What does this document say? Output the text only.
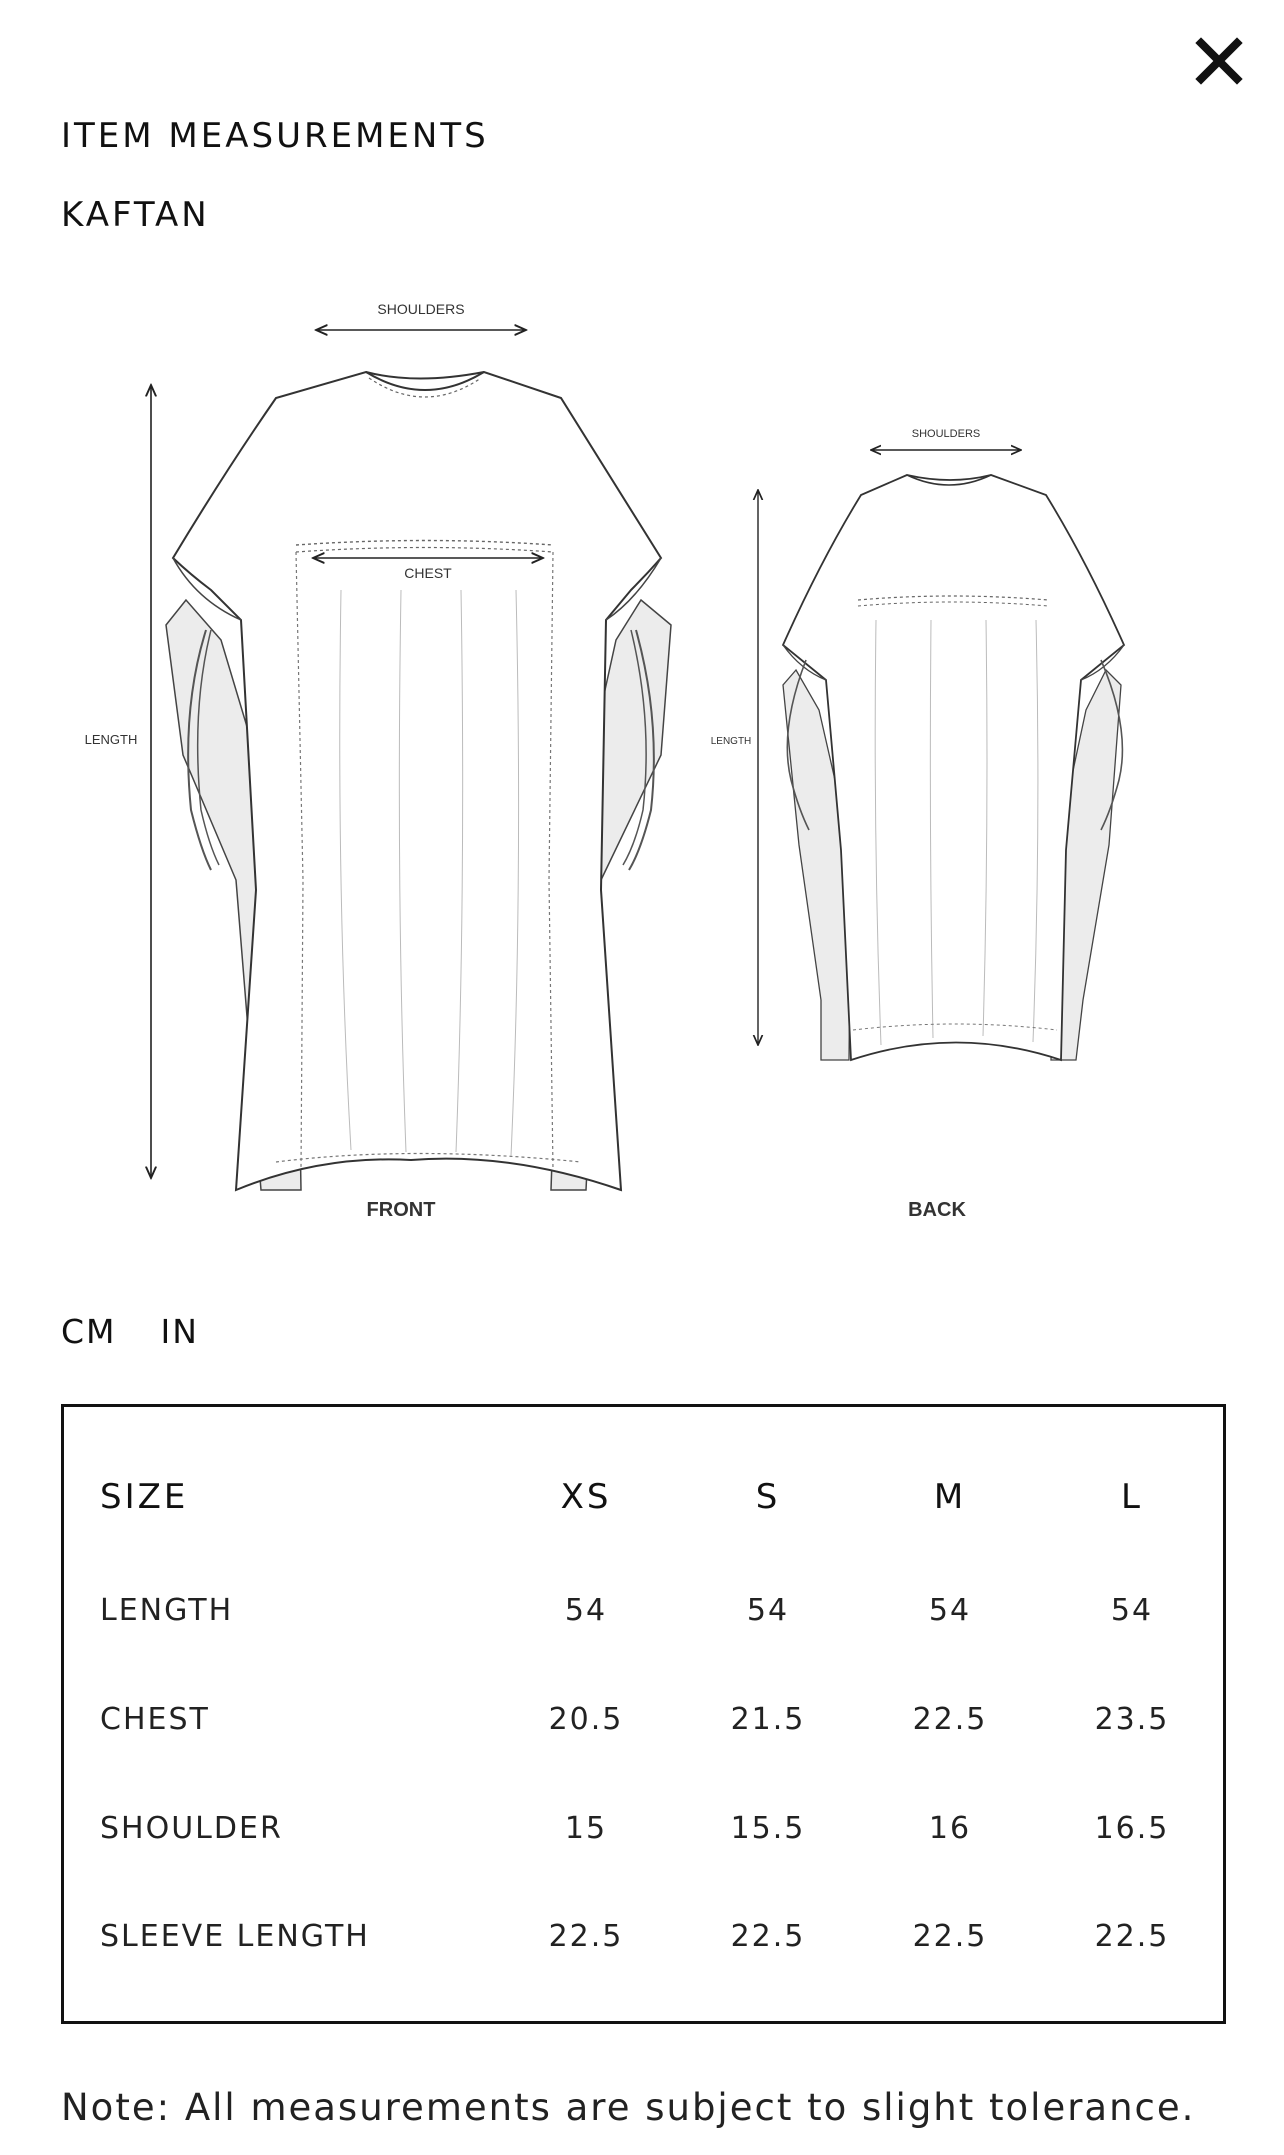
ITEM MEASUREMENTS
KAFTAN
SHOULDERS
CHEST
LENGTH
FRONT
SHOULDERS
LENGTH
BACK
CM IN
SIZE	XS	S	M	L
LENGTH	54	54	54	54
CHEST	20.5	21.5	22.5	23.5
SHOULDER	15	15.5	16	16.5
SLEEVE LENGTH	22.5	22.5	22.5	22.5
Note: All measurements are subject to slight tolerance.
